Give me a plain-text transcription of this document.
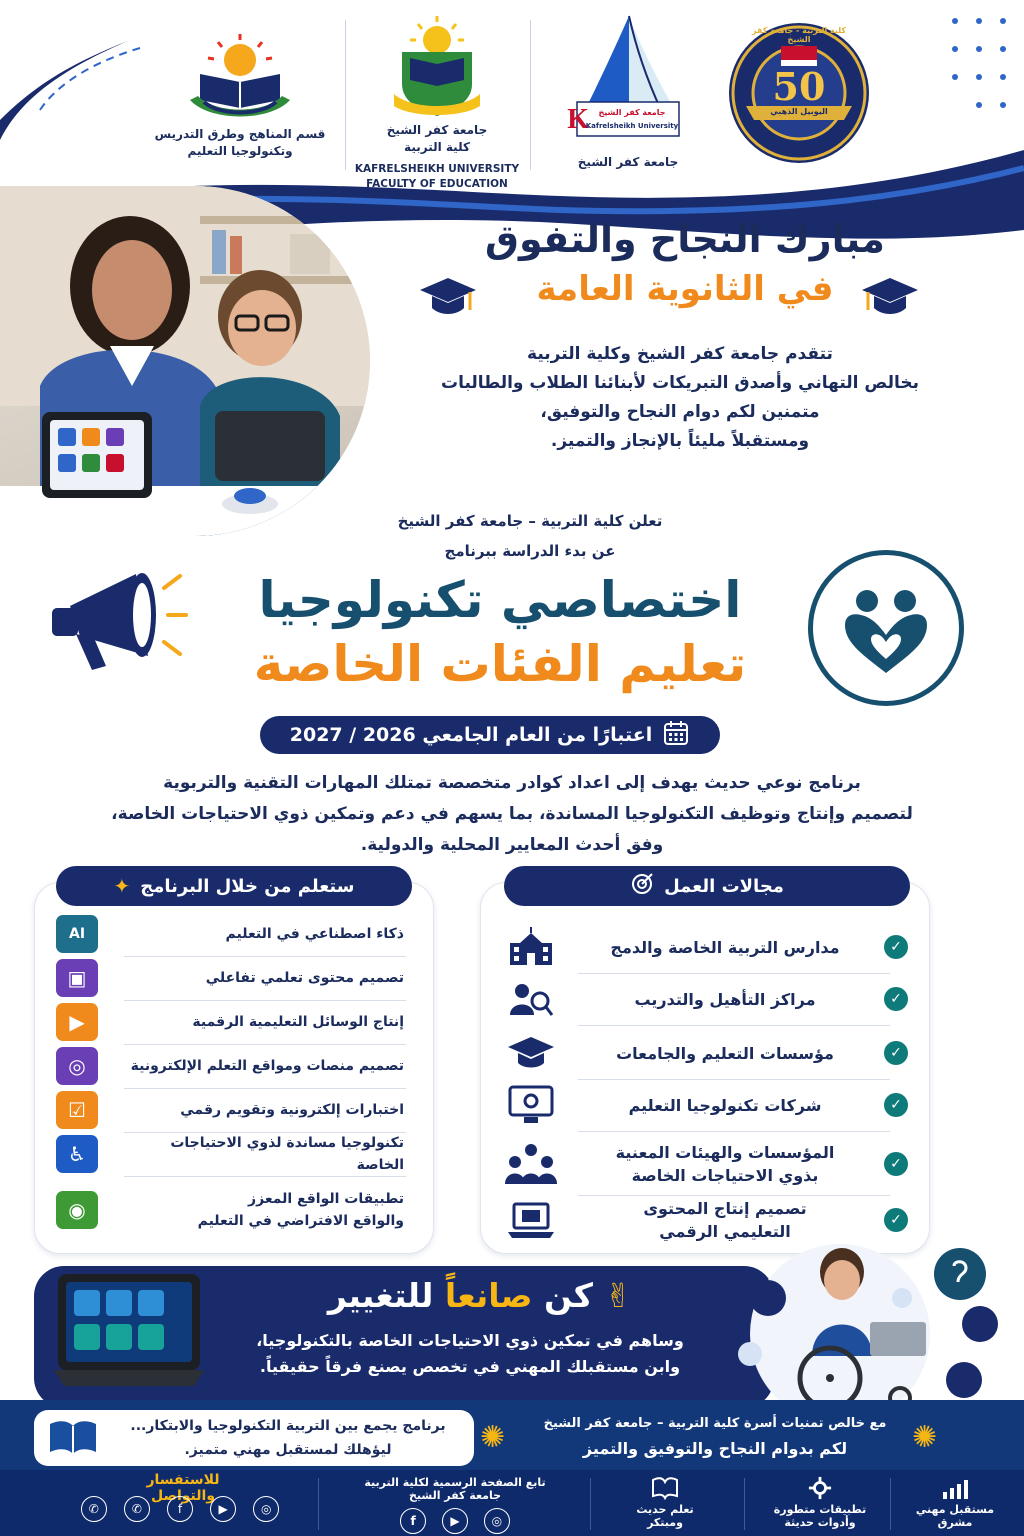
قسم المناهج وطرق التدريس
وتكنولوجيا التعليم
جامعة كفر الشيخ
كلية التربية
KAFRELSHEIKH UNIVERSITY
FACULTY OF EDUCATION
K	جامعة كفر الشيخ
Kafrelsheikh University
جامعة كفر الشيخ
50
اليوبيل الذهبي
كلية التربية - جامعة كفر الشيخ
مبارك النجاح والتفوق
في الثانوية العامة
تتقدم جامعة كفر الشيخ وكلية التربية
بخالص التهاني وأصدق التبريكات لأبنائنا الطلاب والطالبات
متمنين لكم دوام النجاح والتوفيق،
ومستقبلاً مليئاً بالإنجاز والتميز.
تعلن كلية التربية – جامعة كفر الشيخ
عن بدء الدراسة ببرنامج
اختصاصي تكنولوجيا
تعليم الفئات الخاصة
اعتبارًا من العام الجامعي 2026 / 2027
برنامج نوعي حديث يهدف إلى اعداد كوادر متخصصة تمتلك المهارات التقنية والتربوية
لتصميم وإنتاج وتوظيف التكنولوجيا المساندة، بما يسهم في دعم وتمكين ذوي الاحتياجات الخاصة،
وفق أحدث المعايير المحلية والدولية.
مجالات العمل
✓
مدارس التربية الخاصة والدمج
✓
مراكز التأهيل والتدريب
✓
مؤسسات التعليم والجامعات
✓
شركات تكنولوجيا التعليم
✓
المؤسسات والهيئات المعنية
بذوي الاحتياجات الخاصة
✓
تصميم إنتاج المحتوى
التعليمي الرقمي
ستعلم من خلال البرنامج
✦
AI	ذكاء اصطناعي في التعليم
▣	تصميم محتوى تعلمي تفاعلي
▶	إنتاج الوسائل التعليمية الرقمية
◎	تصميم منصات ومواقع التعلم الإلكترونية
☑	اختبارات إلكترونية وتقويم رقمي
♿	تكنولوجيا مساندة لذوي الاحتياجات الخاصة
◉	تطبيقات الواقع المعزز
والواقع الافتراضي في التعليم
✌ كن صانعاً للتغيير
وساهم في تمكين ذوي الاحتياجات الخاصة بالتكنولوجيا،
وابن مستقبلك المهني في تخصص يصنع فرقاً حقيقياً.
برنامج يجمع بين التربية التكنولوجيا والابتكار...
ليؤهلك لمستقبل مهني متميز.	✺	✺
مع خالص تمنيات أسرة كلية التربية – جامعة كفر الشيخ
لكم بدوام النجاح والتوفيق والتميز
مستقبل مهني
مشرق
تطبيقات متطورة
وأدوات حديثة
تعلم حديث
ومبتكر
تابع الصفحة الرسمية لكلية التربية
جامعة كفر الشيخ
f	▶	◎
للاستفسار والتواصل
✆	✆	f	▶	◎
